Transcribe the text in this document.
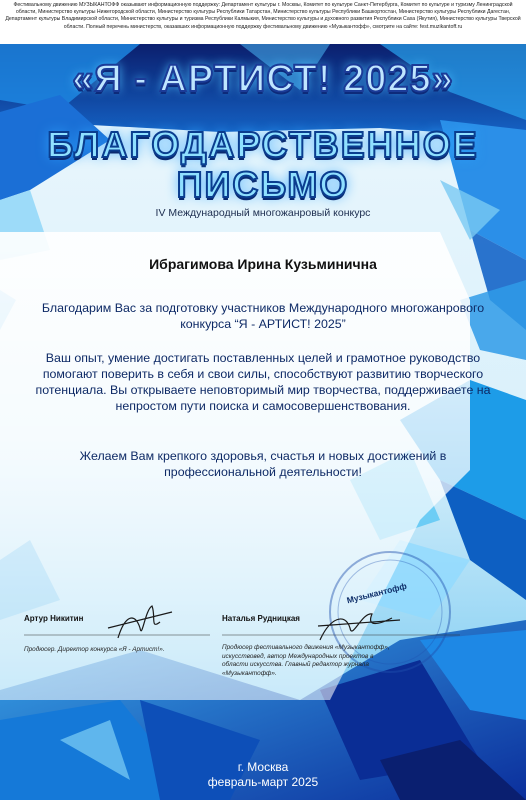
Фестивальному движению МУЗЫКАНТОФФ оказывают информационную поддержку: Департамент культуры г. Москвы, Комитет по культуре Санкт-Петербурга, Комитет по культуре и туризму Ленинградской области, Министерство культуры Нижегородской области, Министерство культуры Республики Татарстан, Министерство культуры Республики Башкортостан, Министерство культуры Республики Дагестан, Департамент культуры Владимирской области, Министерство культуры и туризма Республики Калмыкия, Министерство культуры и духовного развития Республики Саха (Якутия), Министерство культуры Тверской области. Полный перечень министерств, оказавших информационную поддержку фестивальному движению «Музыкантофф», смотрите на сайте: fest.muzikantoff.ru
«Я - АРТИСТ! 2025»
БЛАГОДАРСТВЕННОЕ
ПИСЬМО
IV Международный многожанровый конкурс
Ибрагимова Ирина Кузьминична
Благодарим Вас за подготовку участников Международного многожанрового конкурса “Я - АРТИСТ! 2025”
Ваш опыт, умение достигать поставленных целей и грамотное руководство помогают поверить в себя и свои силы, способствуют развитию творческого потенциала. Вы открываете неповторимый мир творчества, поддерживаете на непростом пути поиска и самосовершенствования.
Желаем Вам крепкого здоровья, счастья и новых достижений в профессиональной деятельности!
Музыкантофф
Артур Никитин
Продюсер. Директор конкурса «Я - Артист!».
Наталья Рудницкая
Продюсер фестивального движения «Музыкантофф»,
искусствовед, автор Международных проектов в
области искусства. Главный редактор журнала
«Музыкантофф».
г. Москва
февраль-март 2025
